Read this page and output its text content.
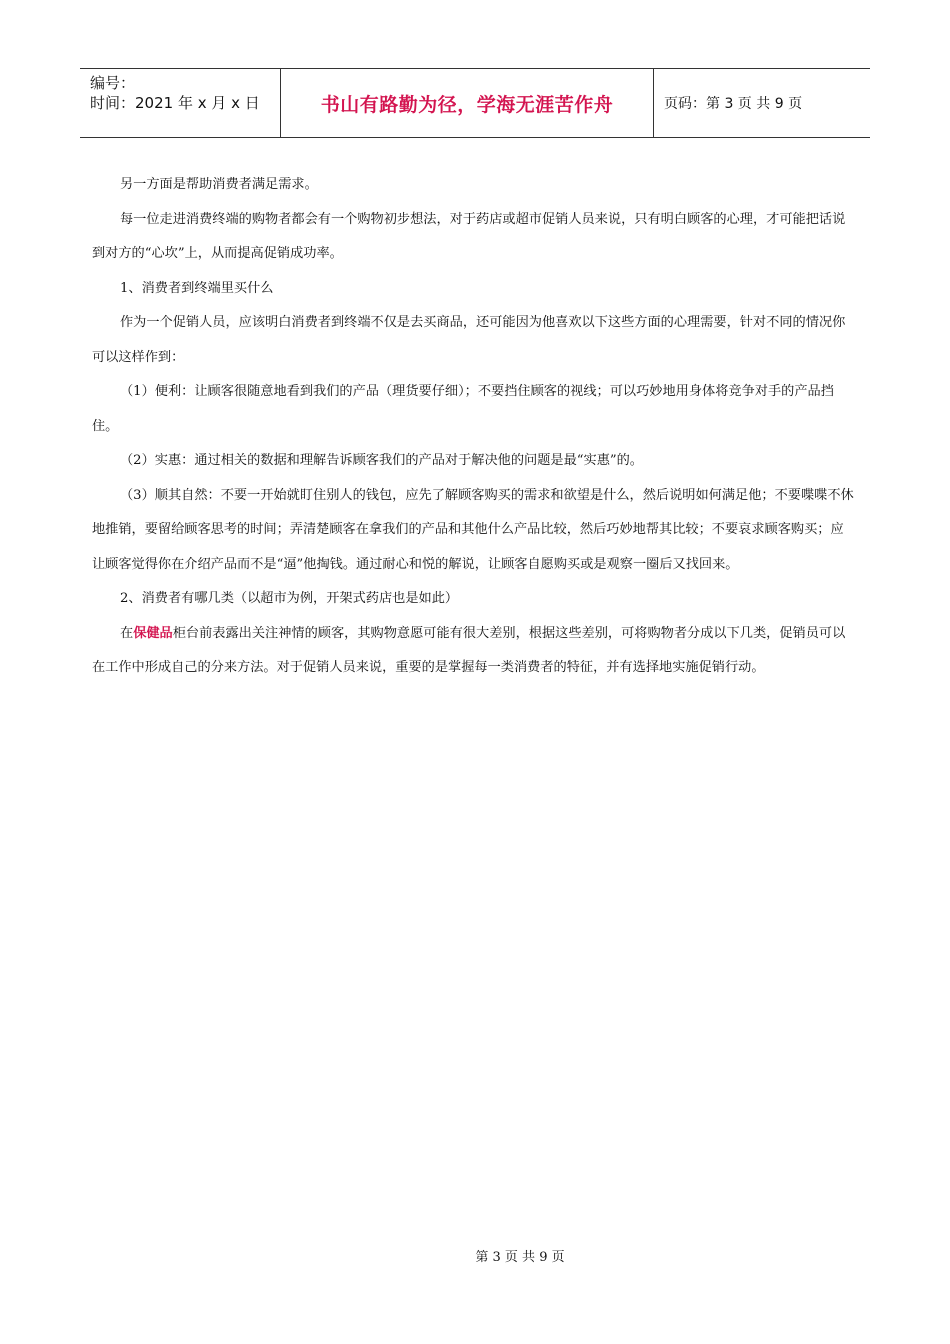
编号：
时间：2021 年 x 月 x 日	书山有路勤为径，学海无涯苦作舟	页码：第 3 页 共 9 页

另一方面是帮助消费者满足需求。

每一位走进消费终端的购物者都会有一个购物初步想法，对于药店或超市促销人员来说，只有明白顾客的心理，才可能把话说到对方的“心坎”上，从而提高促销成功率。

1、消费者到终端里买什么

作为一个促销人员，应该明白消费者到终端不仅是去买商品，还可能因为他喜欢以下这些方面的心理需要，针对不同的情况你可以这样作到：

（1）便利：让顾客很随意地看到我们的产品（理货要仔细）；不要挡住顾客的视线；可以巧妙地用身体将竞争对手的产品挡住。

（2）实惠：通过相关的数据和理解告诉顾客我们的产品对于解决他的问题是最“实惠”的。

（3）顺其自然：不要一开始就盯住别人的钱包，应先了解顾客购买的需求和欲望是什么，然后说明如何满足他；不要喋喋不休地推销，要留给顾客思考的时间；弄清楚顾客在拿我们的产品和其他什么产品比较，然后巧妙地帮其比较；不要哀求顾客购买；应让顾客觉得你在介绍产品而不是“逼”他掏钱。通过耐心和悦的解说，让顾客自愿购买或是观察一圈后又找回来。

2、消费者有哪几类（以超市为例，开架式药店也是如此）

在保健品柜台前表露出关注神情的顾客，其购物意愿可能有很大差别，根据这些差别，可将购物者分成以下几类，促销员可以在工作中形成自己的分来方法。对于促销人员来说，重要的是掌握每一类消费者的特征，并有选择地实施促销行动。

第 3 页 共 9 页
